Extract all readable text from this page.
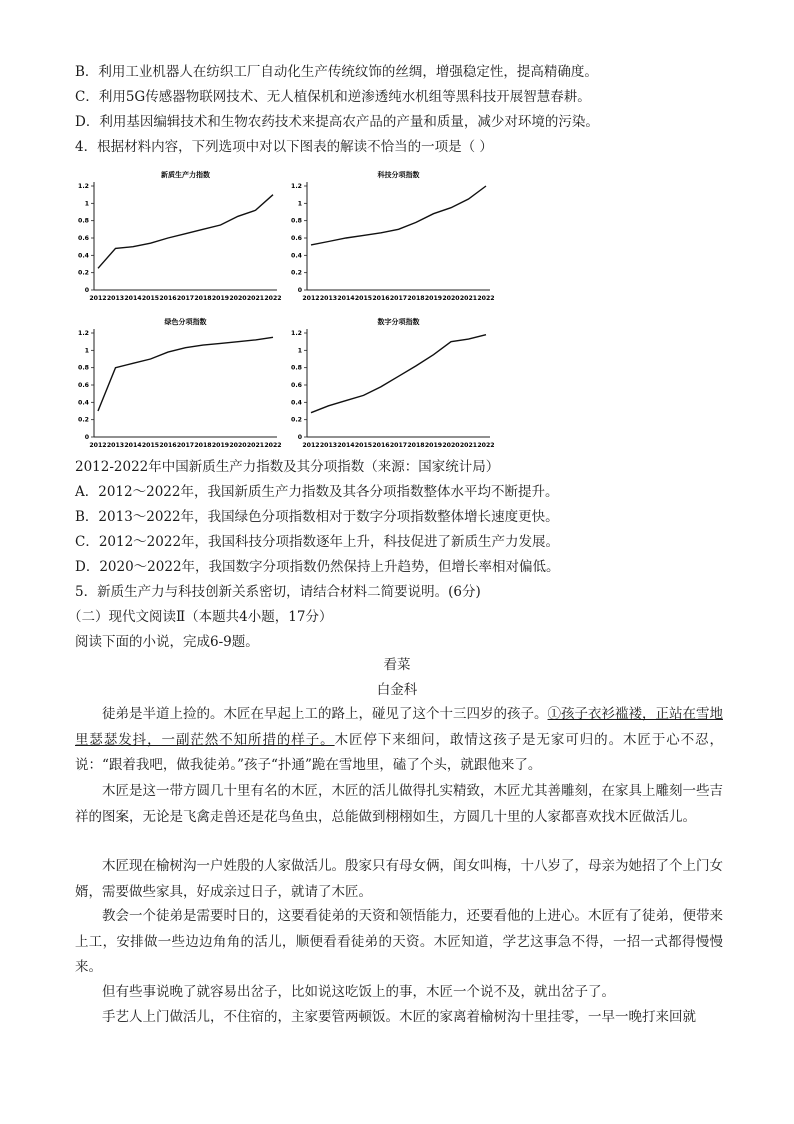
B．利用工业机器人在纺织工厂自动化生产传统纹饰的丝绸，增强稳定性，提高精确度。
C．利用5G传感器物联网技术、无人植保机和逆渗透纯水机组等黑科技开展智慧春耕。
D．利用基因编辑技术和生物农药技术来提高农产品的产量和质量，减少对环境的污染。
4．根据材料内容，下列选项中对以下图表的解读不恰当的一项是（ ）
新质生产力指数
0
0.2
0.4
0.6
0.8
1
1.2
2012 2013 2014 2015 2016 2017 2018 2019 2020 2021 2022
科技分项指数
0
0.2
0.4
0.6
0.8
1
1.2
2012 2013 2014 2015 2016 2017 2018 2019 2020 2021 2022
绿色分项指数
0
0.2
0.4
0.6
0.8
1
1.2
2012 2013 2014 2015 2016 2017 2018 2019 2020 2021 2022
数字分项指数
0
0.2
0.4
0.6
0.8
1
1.2
2012 2013 2014 2015 2016 2017 2018 2019 2020 2021 2022
2012-2022年中国新质生产力指数及其分项指数（来源：国家统计局）
A．2012～2022年，我国新质生产力指数及其各分项指数整体水平均不断提升。
B．2013～2022年，我国绿色分项指数相对于数字分项指数整体增长速度更快。
C．2012～2022年，我国科技分项指数逐年上升，科技促进了新质生产力发展。
D．2020～2022年，我国数字分项指数仍然保持上升趋势，但增长率相对偏低。
5．新质生产力与科技创新关系密切，请结合材料二简要说明。(6分)
（二）现代文阅读Ⅱ（本题共4小题，17分）
阅读下面的小说，完成6-9题。
看菜
白金科
徒弟是半道上捡的。木匠在早起上工的路上，碰见了这个十三四岁的孩子。①孩子衣衫褴褛，正站在雪地里瑟瑟发抖，一副茫然不知所措的样子。木匠停下来细问，敢情这孩子是无家可归的。木匠于心不忍，说：“跟着我吧，做我徒弟。”孩子“扑通”跪在雪地里，磕了个头，就跟他来了。
木匠是这一带方圆几十里有名的木匠，木匠的活儿做得扎实精致，木匠尤其善雕刻，在家具上雕刻一些吉祥的图案，无论是飞禽走兽还是花鸟鱼虫，总能做到栩栩如生，方圆几十里的人家都喜欢找木匠做活儿。
木匠现在榆树沟一户姓殷的人家做活儿。殷家只有母女俩，闺女叫梅，十八岁了，母亲为她招了个上门女婿，需要做些家具，好成亲过日子，就请了木匠。
教会一个徒弟是需要时日的，这要看徒弟的天资和领悟能力，还要看他的上进心。木匠有了徒弟，便带来上工，安排做一些边边角角的活儿，顺便看看徒弟的天资。木匠知道，学艺这事急不得，一招一式都得慢慢来。
但有些事说晚了就容易出岔子，比如说这吃饭上的事，木匠一个说不及，就出岔子了。
手艺人上门做活儿，不住宿的，主家要管两顿饭。木匠的家离着榆树沟十里挂零，一早一晚打来回就
